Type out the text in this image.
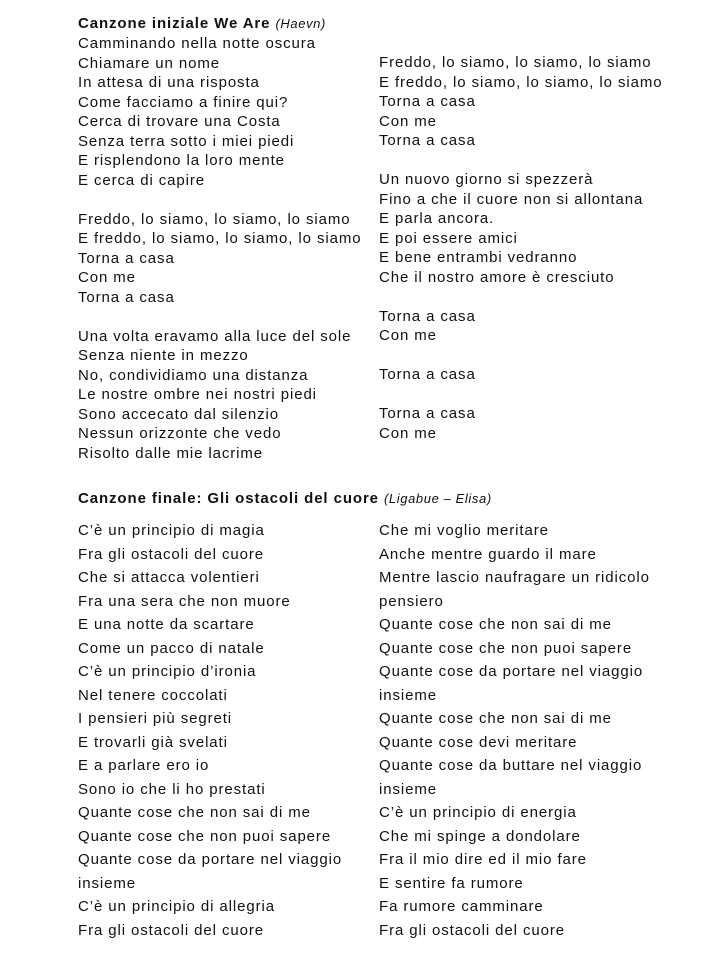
Canzone iniziale We Are (Haevn)
Camminando nella notte oscura
Chiamare un nome
In attesa di una risposta
Come facciamo a finire qui?
Cerca di trovare una Costa
Senza terra sotto i miei piedi
E risplendono la loro mente
E cerca di capire
Freddo, lo siamo, lo siamo, lo siamo
E freddo, lo siamo, lo siamo, lo siamo
Torna a casa
Con me
Torna a casa
Una volta eravamo alla luce del sole
Senza niente in mezzo
No, condividiamo una distanza
Le nostre ombre nei nostri piedi
Sono accecato dal silenzio
Nessun orizzonte che vedo
Risolto dalle mie lacrime
Freddo, lo siamo, lo siamo, lo siamo
E freddo, lo siamo, lo siamo, lo siamo
Torna a casa
Con me
Torna a casa
Un nuovo giorno si spezzerà
Fino a che il cuore non si allontana
E parla ancora.
E poi essere amici
E bene entrambi vedranno
Che il nostro amore è cresciuto
Torna a casa
Con me
Torna a casa
Torna a casa
Con me
Canzone finale: Gli ostacoli del cuore (Ligabue – Elisa)
C’è un principio di magia
Fra gli ostacoli del cuore
Che si attacca volentieri
Fra una sera che non muore
E una notte da scartare
Come un pacco di natale
C’è un principio d’ironia
Nel tenere coccolati
I pensieri più segreti
E trovarli già svelati
E a parlare ero io
Sono io che li ho prestati
Quante cose che non sai di me
Quante cose che non puoi sapere
Quante cose da portare nel viaggio
insieme
C’è un principio di allegria
Fra gli ostacoli del cuore
Che mi voglio meritare
Anche mentre guardo il mare
Mentre lascio naufragare un ridicolo
pensiero
Quante cose che non sai di me
Quante cose che non puoi sapere
Quante cose da portare nel viaggio
insieme
Quante cose che non sai di me
Quante cose devi meritare
Quante cose da buttare nel viaggio
insieme
C’è un principio di energia
Che mi spinge a dondolare
Fra il mio dire ed il mio fare
E sentire fa rumore
Fa rumore camminare
Fra gli ostacoli del cuore
